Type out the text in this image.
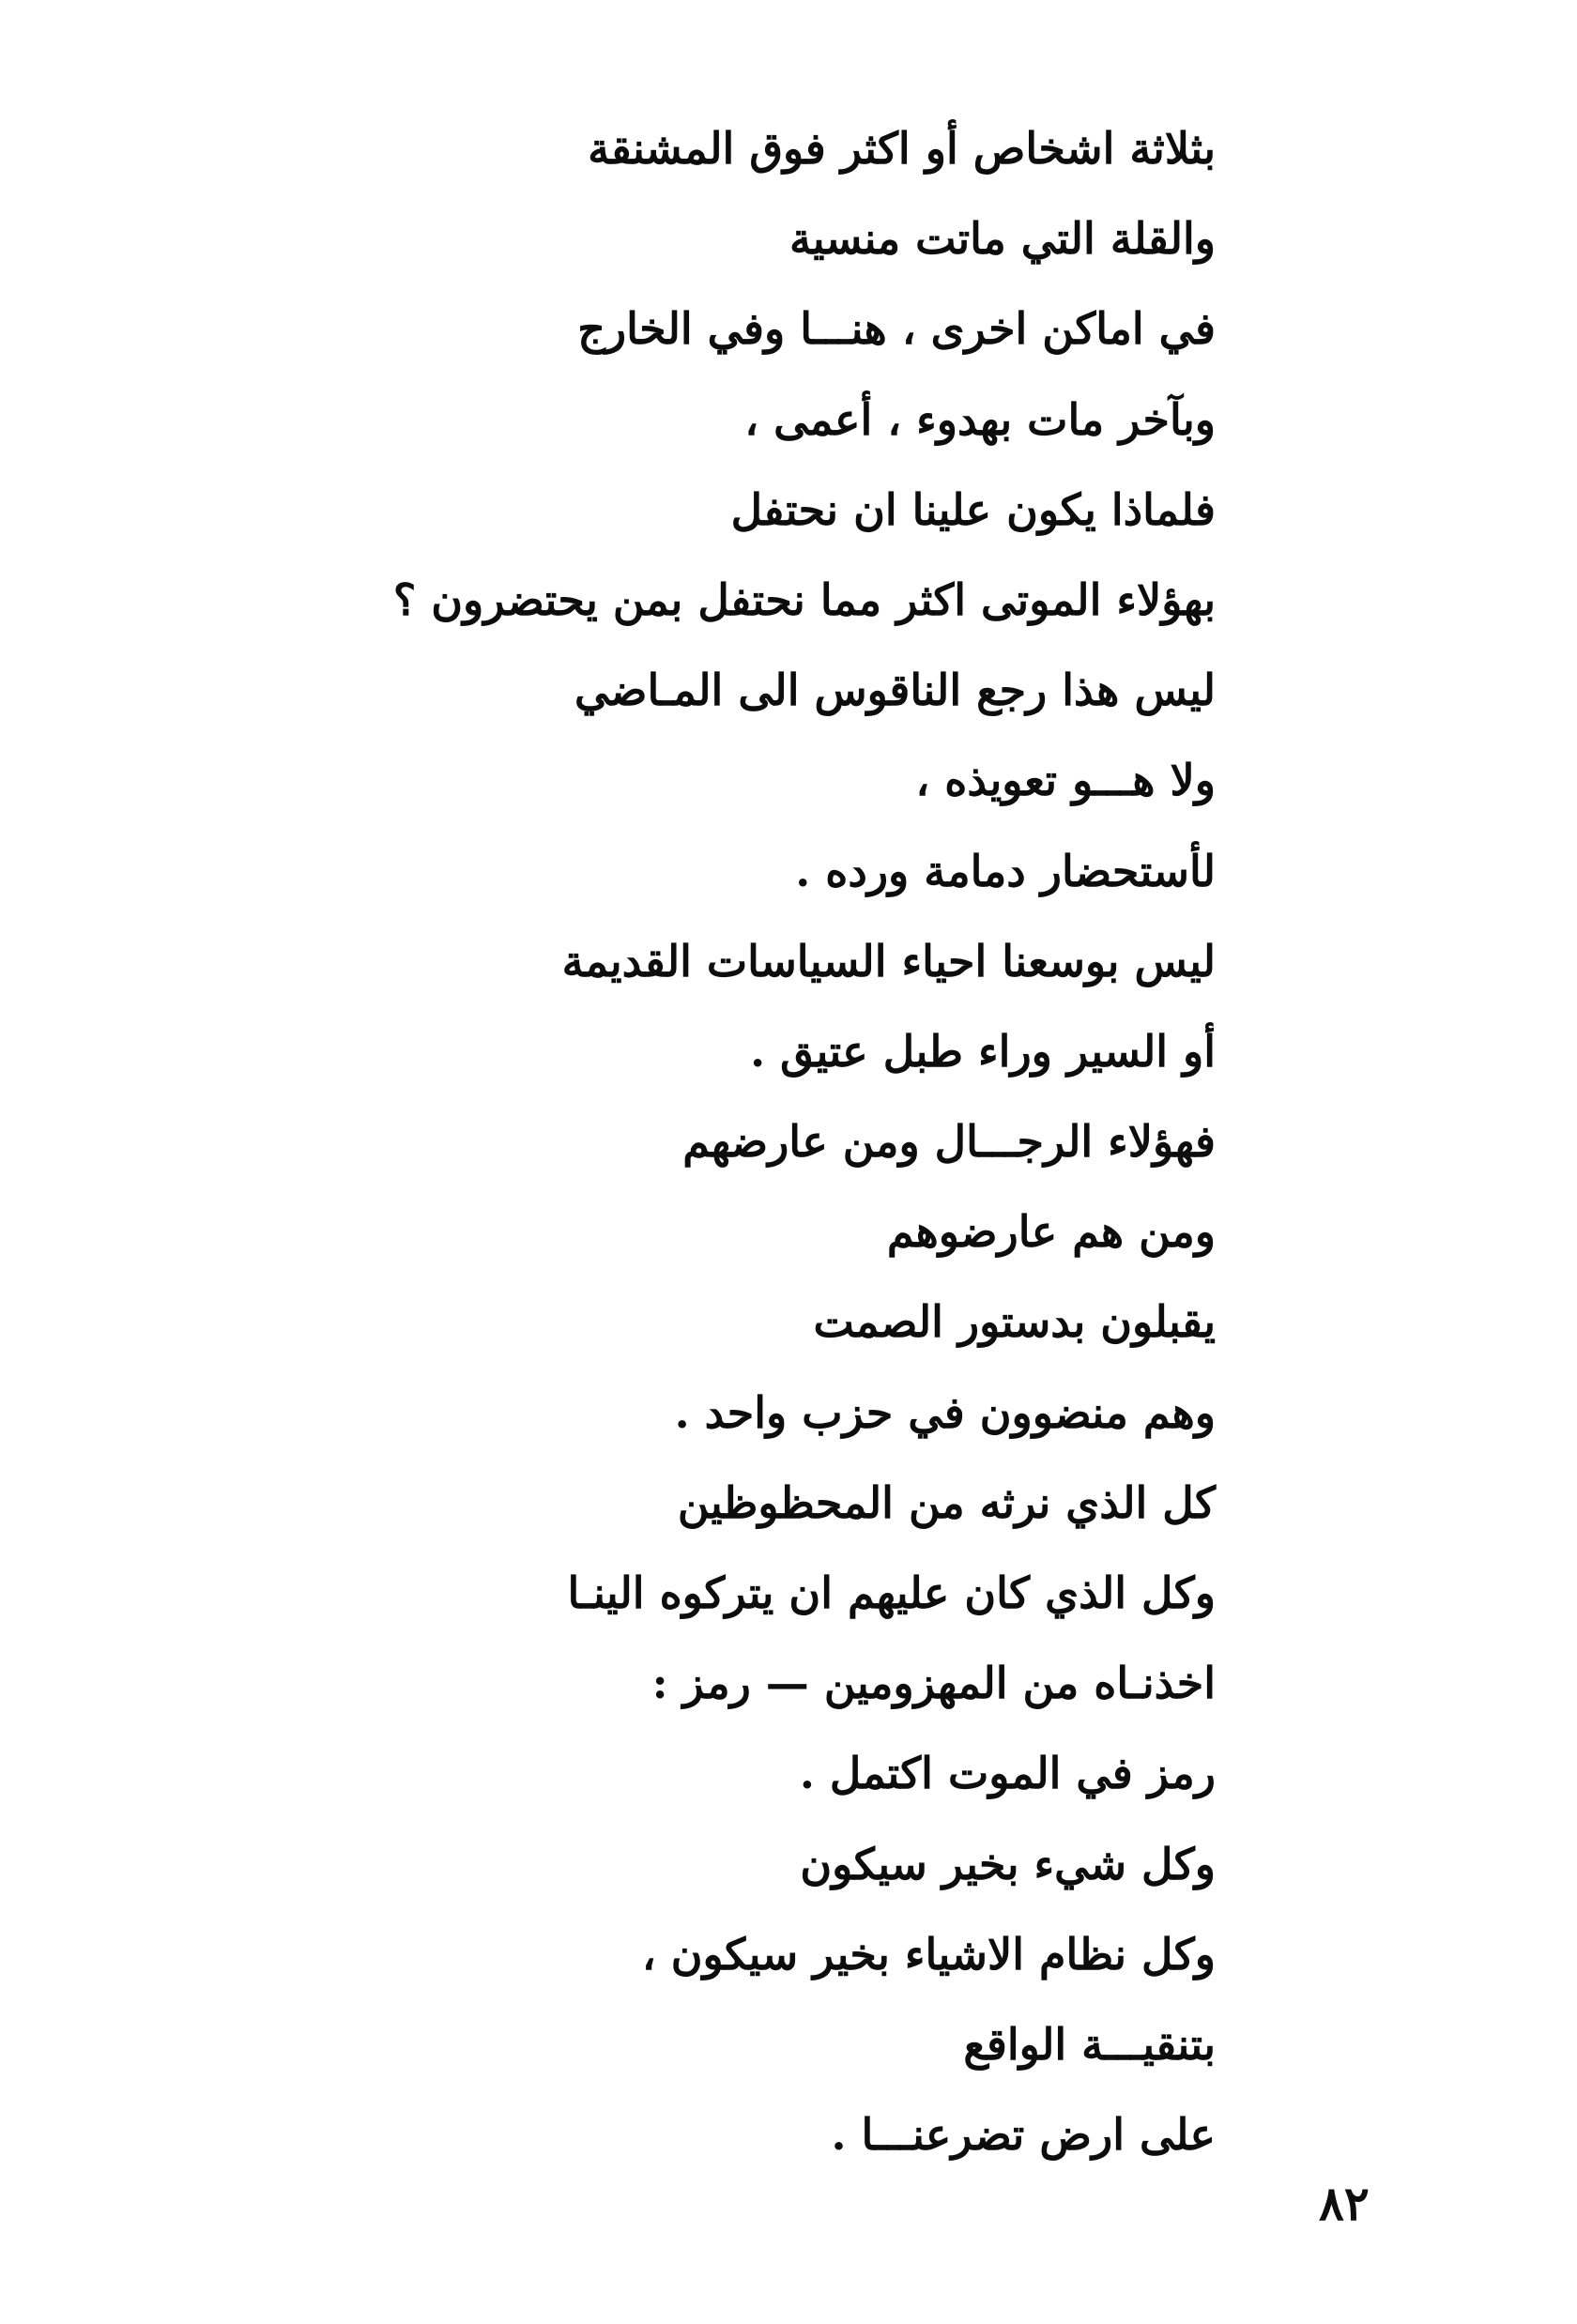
بثلاثة اشخاص أو اكثر فوق المشنقة
والقلة التي ماتت منسية
في اماكن اخرى ، هنـــا وفي الخارج
وبآخر مات بهدوء ، أعمى ،
فلماذا يكون علينا ان نحتفل
بهؤلاء الموتى اكثر مما نحتفل بمن يحتضرون ؟
ليس هذا رجع الناقوس الى المـاضي
ولا هـــو تعويذه ،
لأستحضار دمامة ورده .
ليس بوسعنا احياء السياسات القديمة
أو السير وراء طبل عتيق .
فهؤلاء الرجـــال ومن عارضهم
ومن هم عارضوهم
يقبلون بدستور الصمت
وهم منضوون في حزب واحد .
كل الذي نرثه من المحظوظين
وكل الذي كان عليهم ان يتركوه الينـا
اخذنـاه من المهزومين — رمز :
رمز في الموت اكتمل .
وكل شيء بخير سيكون
وكل نظام الاشياء بخير سيكون ،
بتنقيـــة الواقع
على ارض تضرعنـــا .
٨٢
